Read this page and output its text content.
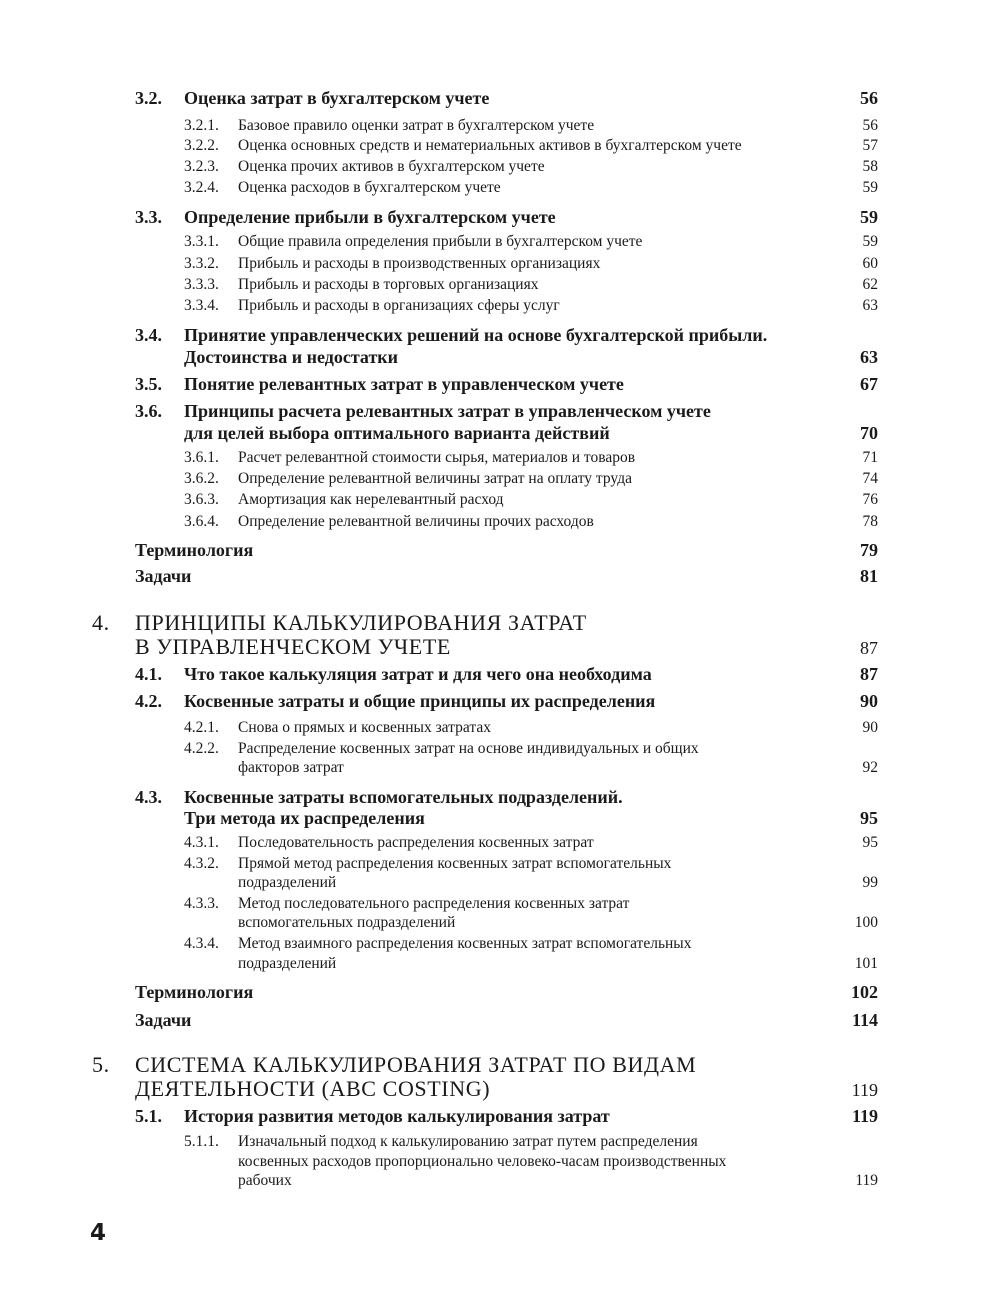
3.2. Оценка затрат в бухгалтерском учете	56
3.2.1. Базовое правило оценки затрат в бухгалтерском учете	56
3.2.2. Оценка основных средств и нематериальных активов в бухгалтерском учете	57
3.2.3. Оценка прочих активов в бухгалтерском учете	58
3.2.4. Оценка расходов в бухгалтерском учете	59
3.3. Определение прибыли в бухгалтерском учете	59
3.3.1. Общие правила определения прибыли в бухгалтерском учете	59
3.3.2. Прибыль и расходы в производственных организациях	60
3.3.3. Прибыль и расходы в торговых организациях	62
3.3.4. Прибыль и расходы в организациях сферы услуг	63
3.4. Принятие управленческих решений на основе бухгалтерской прибыли.
Достоинства и недостатки	63
3.5. Понятие релевантных затрат в управленческом учете	67
3.6. Принципы расчета релевантных затрат в управленческом учете
для целей выбора оптимального варианта действий	70
3.6.1. Расчет релевантной стоимости сырья, материалов и товаров	71
3.6.2. Определение релевантной величины затрат на оплату труда	74
3.6.3. Амортизация как нерелевантный расход	76
3.6.4. Определение релевантной величины прочих расходов	78
Терминология	79
Задачи	81
4. ПРИНЦИПЫ КАЛЬКУЛИРОВАНИЯ ЗАТРАТ
В УПРАВЛЕНЧЕСКОМ УЧЕТЕ	87
4.1. Что такое калькуляция затрат и для чего она необходима	87
4.2. Косвенные затраты и общие принципы их распределения	90
4.2.1. Снова о прямых и косвенных затратах	90
4.2.2. Распределение косвенных затрат на основе индивидуальных и общих
факторов затрат	92
4.3. Косвенные затраты вспомогательных подразделений.
Три метода их распределения	95
4.3.1. Последовательность распределения косвенных затрат	95
4.3.2. Прямой метод распределения косвенных затрат вспомогательных
подразделений	99
4.3.3. Метод последовательного распределения косвенных затрат
вспомогательных подразделений	100
4.3.4. Метод взаимного распределения косвенных затрат вспомогательных
подразделений	101
Терминология	102
Задачи	114
5. СИСТЕМА КАЛЬКУЛИРОВАНИЯ ЗАТРАТ ПО ВИДАМ
ДЕЯТЕЛЬНОСТИ (ABC COSTING)	119
5.1. История развития методов калькулирования затрат	119
5.1.1. Изначальный подход к калькулированию затрат путем распределения
косвенных расходов пропорционально человеко-часам производственных
рабочих	119
4
